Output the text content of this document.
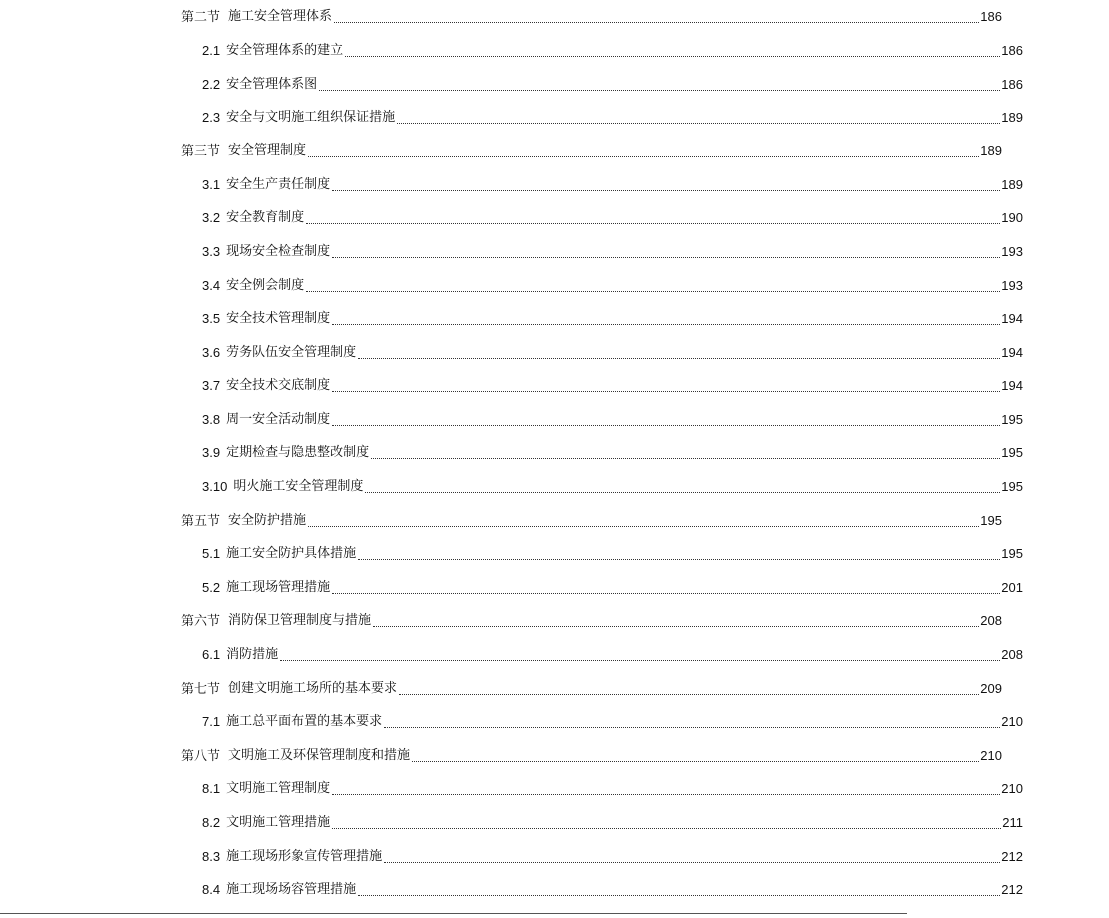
第二节 施工安全管理体系	186
2.1 安全管理体系的建立	186
2.2 安全管理体系图	186
2.3 安全与文明施工组织保证措施	189
第三节 安全管理制度	189
3.1 安全生产责任制度	189
3.2 安全教育制度	190
3.3 现场安全检查制度	193
3.4 安全例会制度	193
3.5 安全技术管理制度	194
3.6 劳务队伍安全管理制度	194
3.7 安全技术交底制度	194
3.8 周一安全活动制度	195
3.9 定期检查与隐患整改制度	195
3.10 明火施工安全管理制度	195
第五节 安全防护措施	195
5.1 施工安全防护具体措施	195
5.2 施工现场管理措施	201
第六节 消防保卫管理制度与措施	208
6.1 消防措施	208
第七节 创建文明施工场所的基本要求	209
7.1 施工总平面布置的基本要求	210
第八节 文明施工及环保管理制度和措施	210
8.1 文明施工管理制度	210
8.2 文明施工管理措施	211
8.3 施工现场形象宣传管理措施	212
8.4 施工现场场容管理措施	212
